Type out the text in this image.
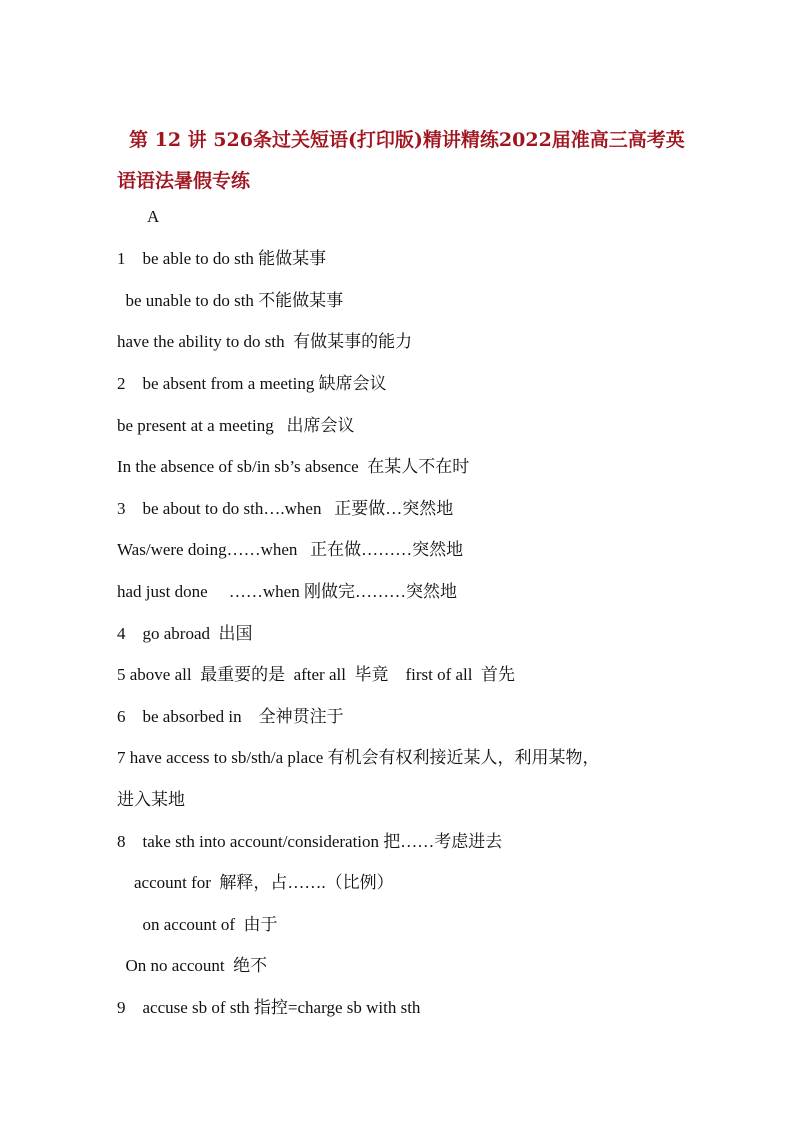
第 12 讲 526条过关短语(打印版)精讲精练2022届准高三高考英语语法暑假专练
A
1    be able to do sth 能做某事
be unable to do sth 不能做某事
have the ability to do sth  有做某事的能力
2    be absent from a meeting 缺席会议
be present at a meeting   出席会议
In the absence of sb/in sb’s absence  在某人不在时
3    be about to do sth….when   正要做…突然地
Was/were doing……when   正在做………突然地
had just done     ……when 刚做完………突然地
4    go abroad  出国
5 above all  最重要的是  after all  毕竟    first of all  首先
6    be absorbed in    全神贯注于
7 have access to sb/sth/a place 有机会有权利接近某人，利用某物，
进入某地
8    take sth into account/consideration 把……考虑进去
account for  解释，占…….（比例）
on account of  由于
On no account  绝不
9    accuse sb of sth 指控=charge sb with sth
